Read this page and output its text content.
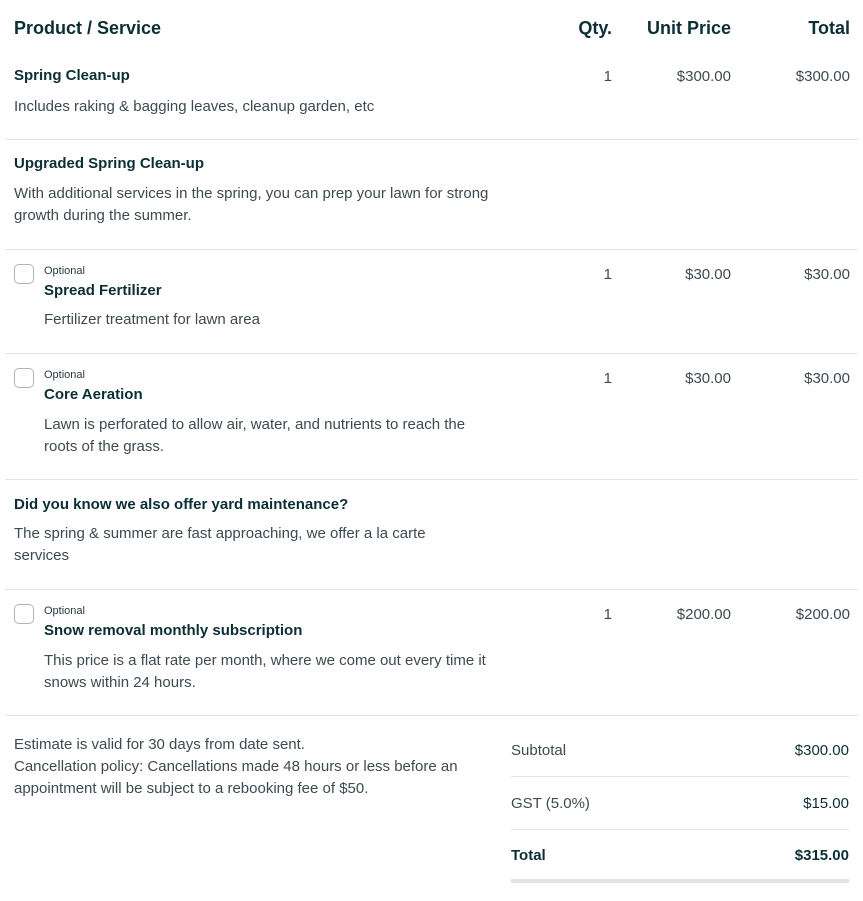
Product / Service	Qty. Unit Price	Total
Spring Clean-up	1	$300.00	$300.00
Includes raking & bagging leaves, cleanup garden, etc
Upgraded Spring Clean-up
With additional services in the spring, you can prep your lawn for strong growth during the summer.
Optional
Spread Fertilizer
1	$30.00	$30.00
Fertilizer treatment for lawn area
Optional
Core Aeration
1	$30.00	$30.00
Lawn is perforated to allow air, water, and nutrients to reach the roots of the grass.
Did you know we also offer yard maintenance?
The spring & summer are fast approaching, we offer a la carte services
Optional
Snow removal monthly subscription
1	$200.00	$200.00
This price is a flat rate per month, where we come out every time it snows within 24 hours.
Estimate is valid for 30 days from date sent.
Cancellation policy: Cancellations made 48 hours or less before an appointment will be subject to a rebooking fee of $50.
Subtotal	$300.00
GST (5.0%)	$15.00
Total	$315.00
